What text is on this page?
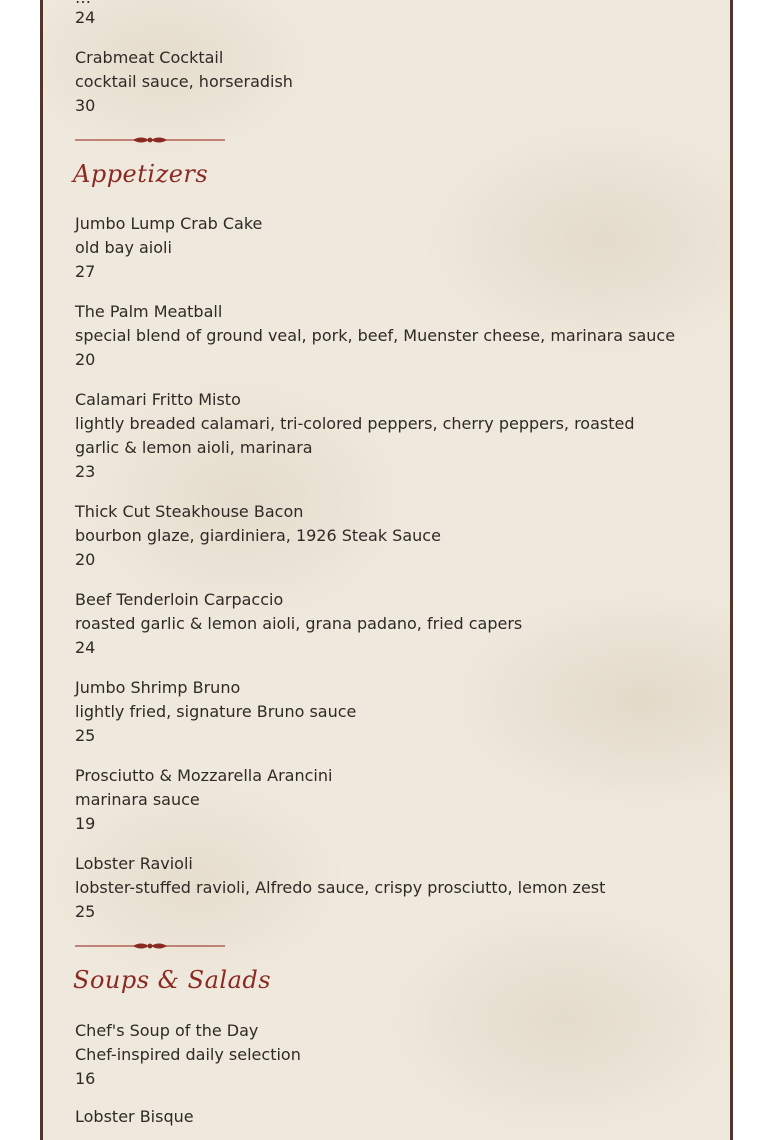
24
Crabmeat Cocktail
cocktail sauce, horseradish
30
Appetizers
Jumbo Lump Crab Cake
old bay aioli
27
The Palm Meatball
special blend of ground veal, pork, beef, Muenster cheese, marinara sauce
20
Calamari Fritto Misto
lightly breaded calamari, tri-colored peppers, cherry peppers, roasted garlic & lemon aioli, marinara
23
Thick Cut Steakhouse Bacon
bourbon glaze, giardiniera, 1926 Steak Sauce
20
Beef Tenderloin Carpaccio
roasted garlic & lemon aioli, grana padano, fried capers
24
Jumbo Shrimp Bruno
lightly fried, signature Bruno sauce
25
Prosciutto & Mozzarella Arancini
marinara sauce
19
Lobster Ravioli
lobster-stuffed ravioli, Alfredo sauce, crispy prosciutto, lemon zest
25
Soups & Salads
Chef's Soup of the Day
Chef-inspired daily selection
16
Lobster Bisque
